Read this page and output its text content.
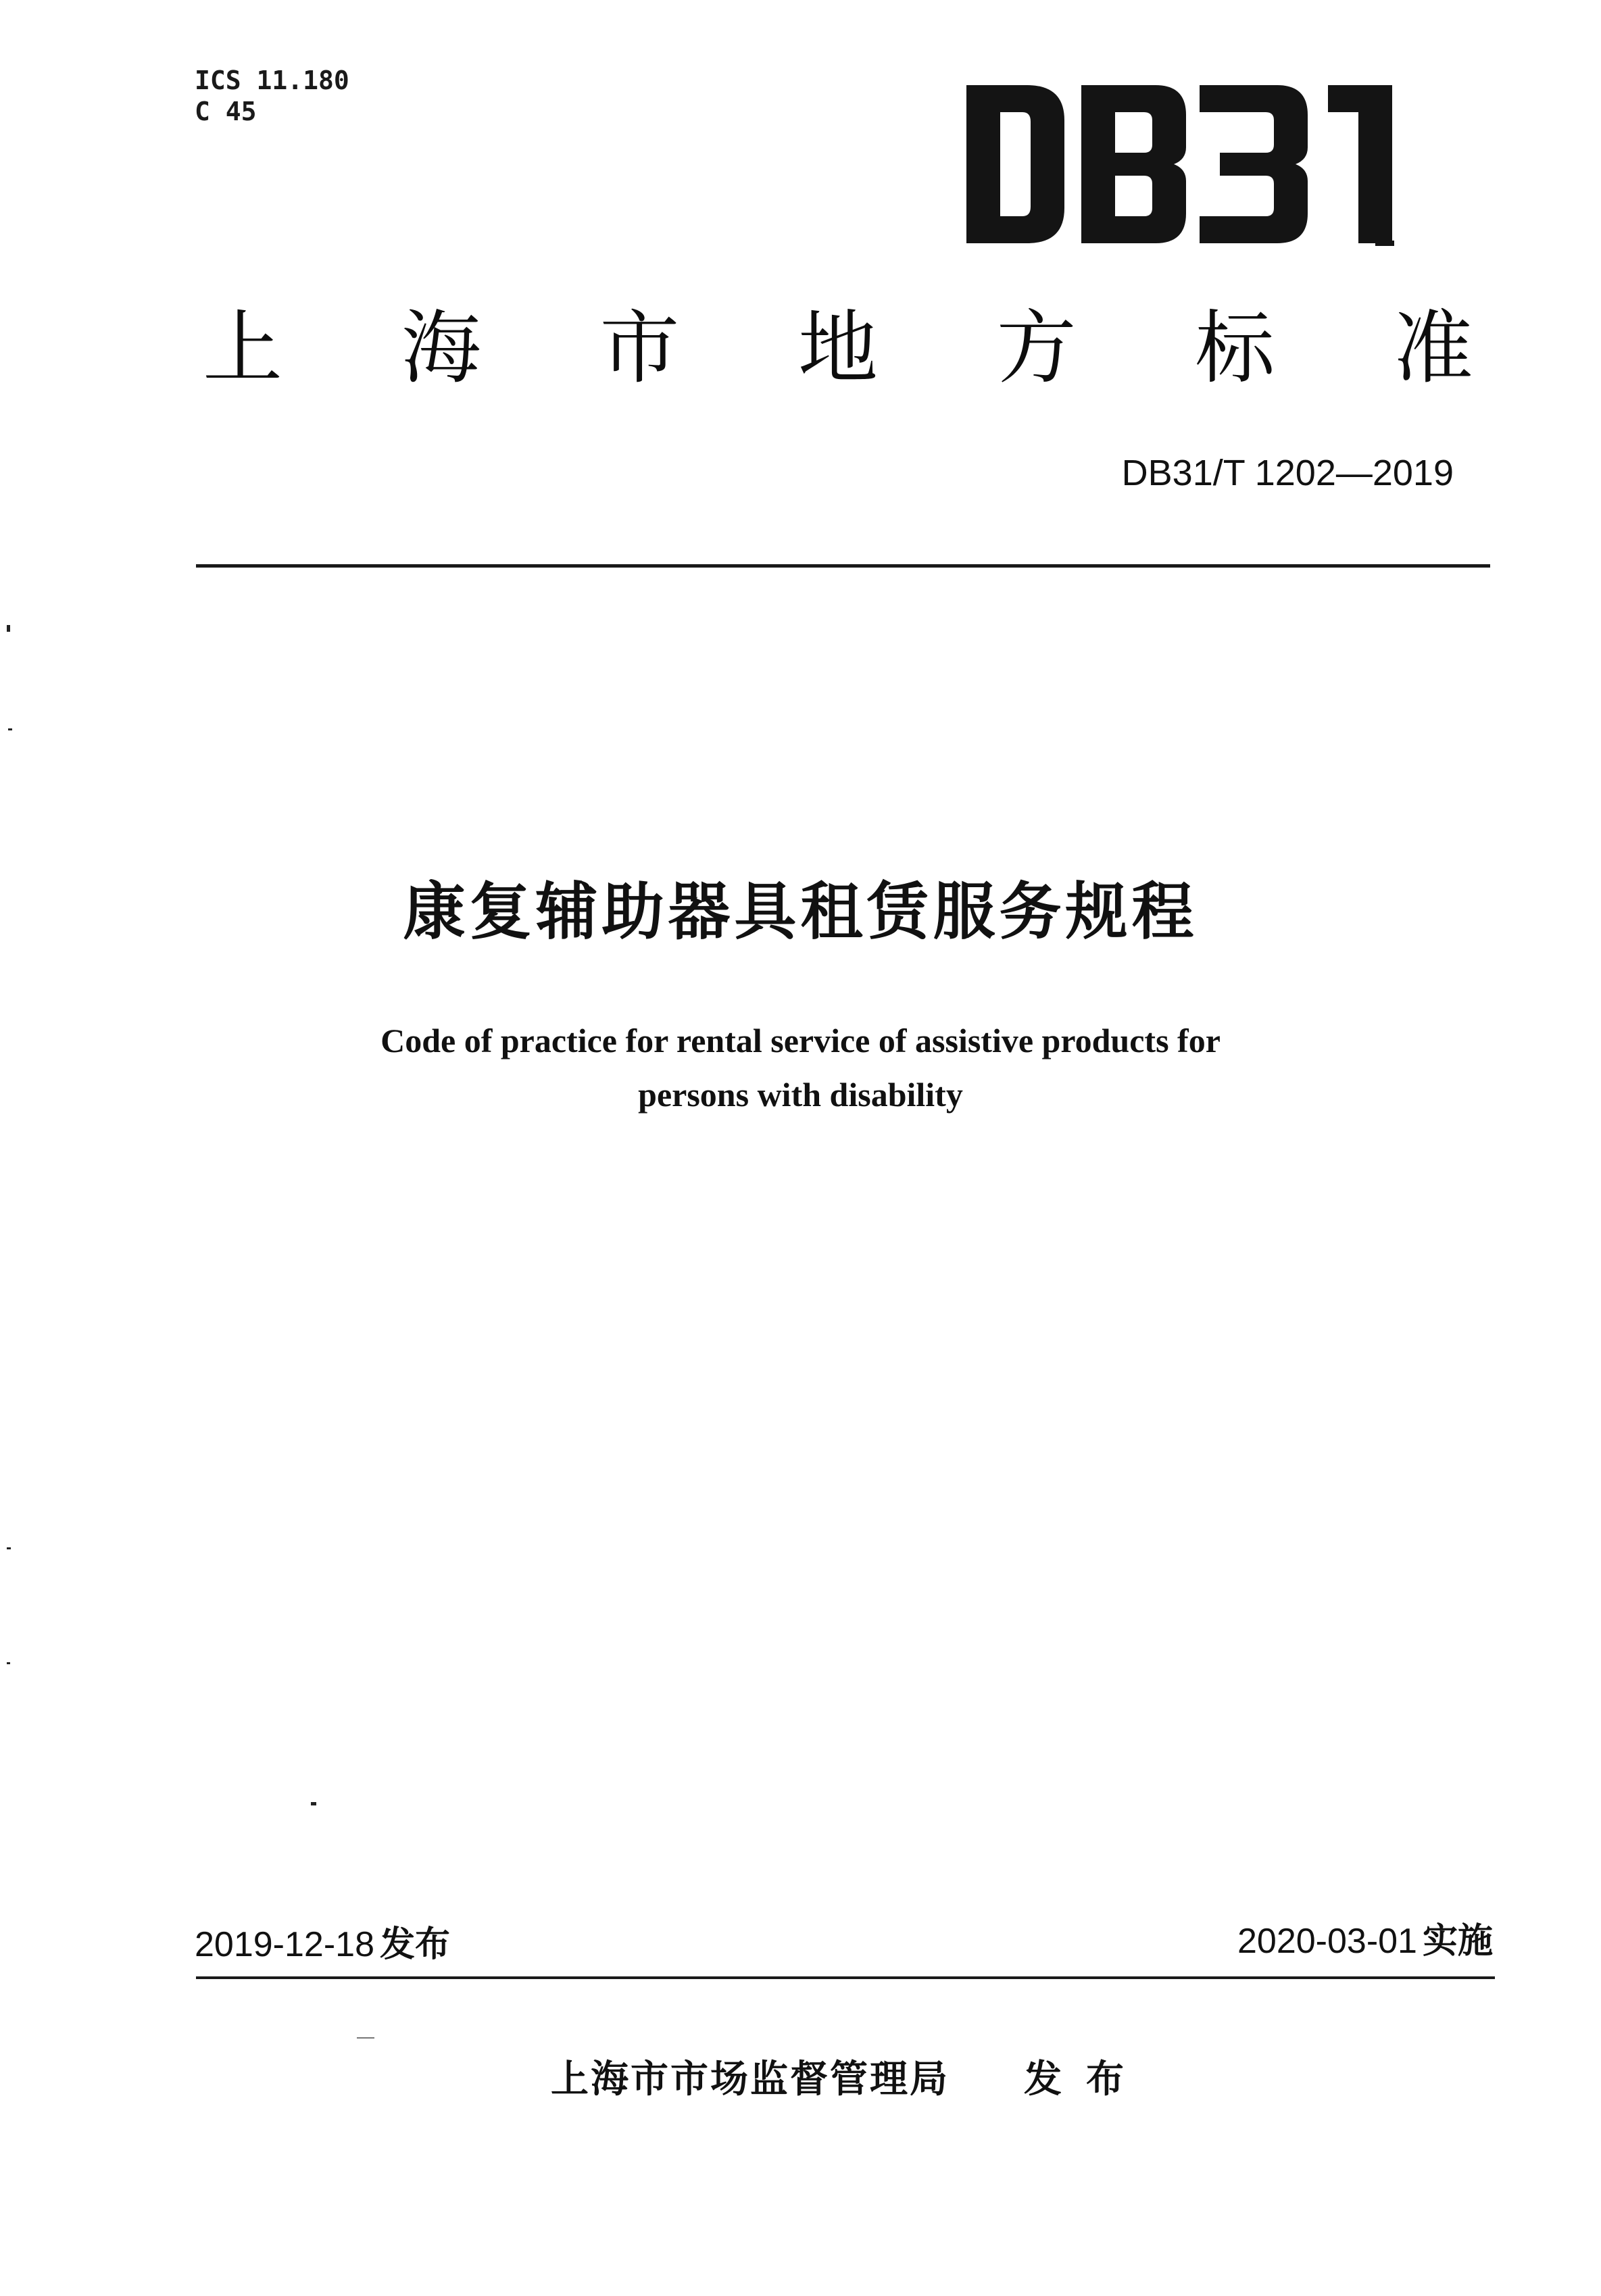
ICS 11.180
C 45
上 海 市 地 方 标 准
DB31/T 1202—2019
康复辅助器具租赁服务规程
Code of practice for rental service of assistive products for
persons with disability
2019-12-18 发布	2020-03-01 实施
上海市市场监督管理局 发布
